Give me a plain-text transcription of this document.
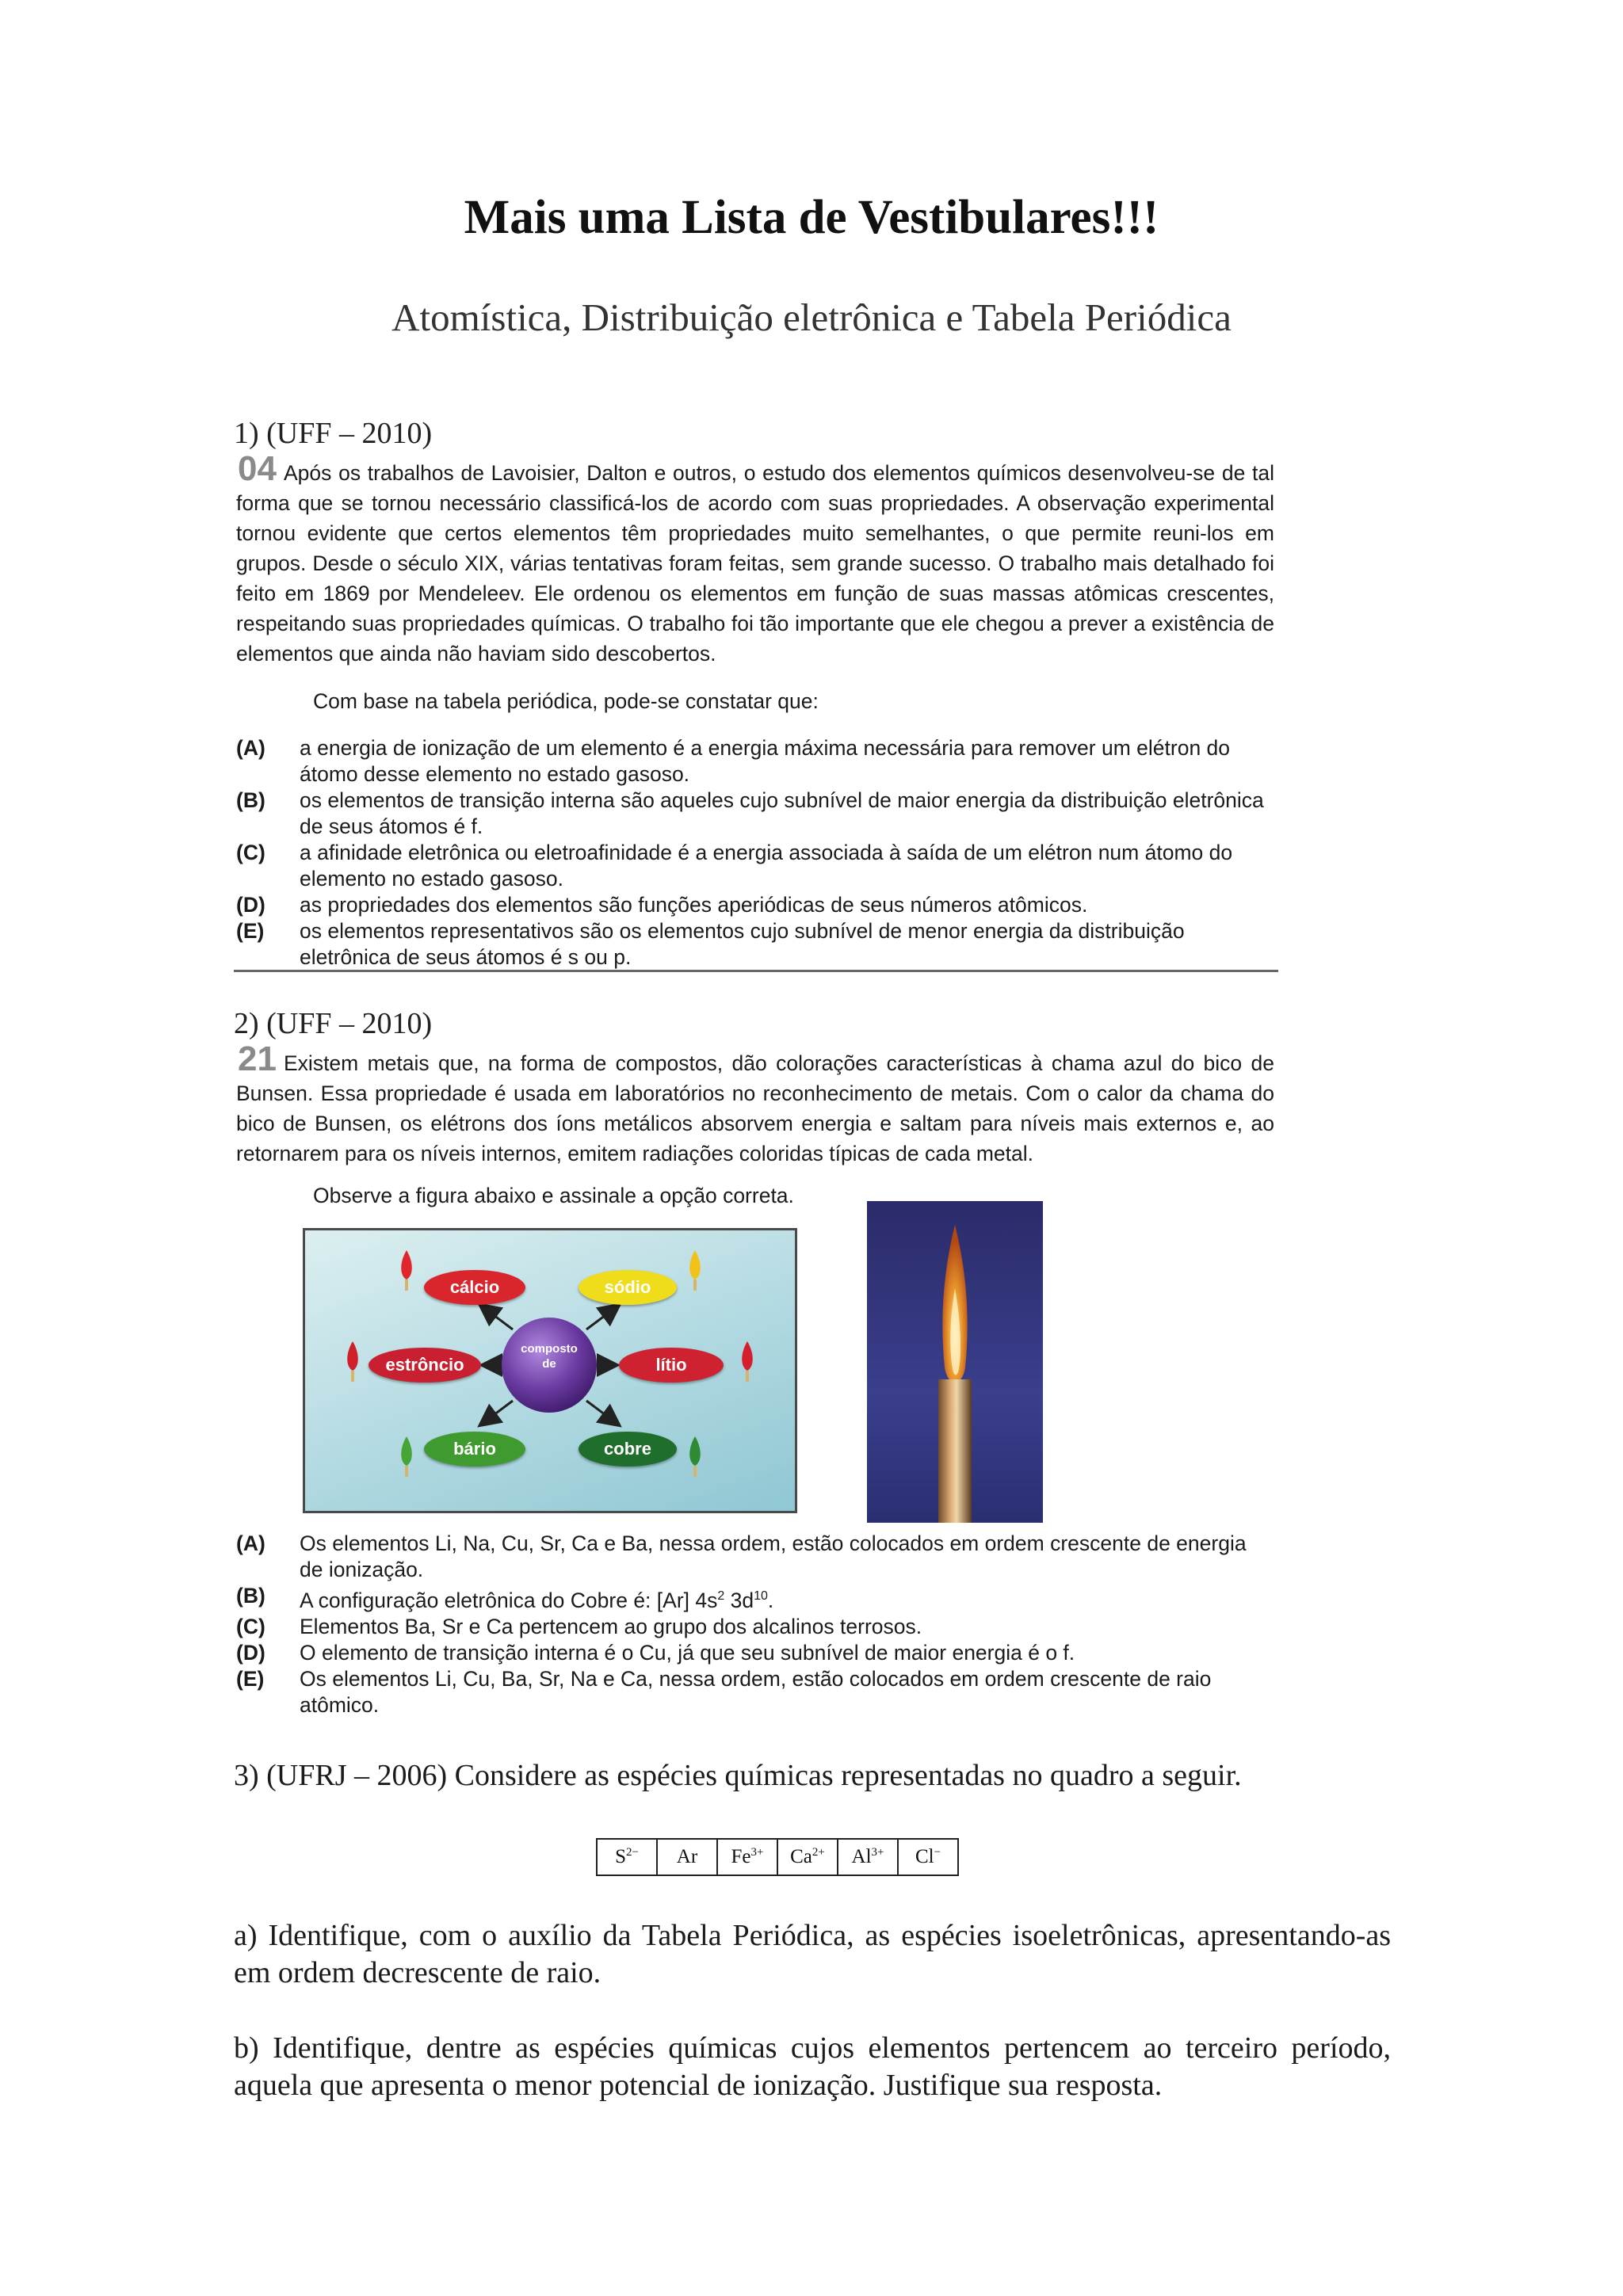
Mais uma Lista de Vestibulares!!!
Atomística, Distribuição eletrônica e Tabela Periódica
1) (UFF – 2010)
04 Após os trabalhos de Lavoisier, Dalton e outros, o estudo dos elementos químicos desenvolveu-se de tal forma que se tornou necessário classificá-los de acordo com suas propriedades. A observação experimental tornou evidente que certos elementos têm propriedades muito semelhantes, o que permite reuni-los em grupos. Desde o século XIX, várias tentativas foram feitas, sem grande sucesso. O trabalho mais detalhado foi feito em 1869 por Mendeleev. Ele ordenou os elementos em função de suas massas atômicas crescentes, respeitando suas propriedades químicas. O trabalho foi tão importante que ele chegou a prever a existência de elementos que ainda não haviam sido descobertos.
Com base na tabela periódica, pode-se constatar que:
(A)	a energia de ionização de um elemento é a energia máxima necessária para remover um elétron do átomo desse elemento no estado gasoso.
(B)	os elementos de transição interna são aqueles cujo subnível de maior energia da distribuição eletrônica de seus átomos é f.
(C)	a afinidade eletrônica ou eletroafinidade é a energia associada à saída de um elétron num átomo do elemento no estado gasoso.
(D)	as propriedades dos elementos são funções aperiódicas de seus números atômicos.
(E)	os elementos representativos são os elementos cujo subnível de menor energia da distribuição eletrônica de seus átomos é s ou p.
2) (UFF – 2010)
21 Existem metais que, na forma de compostos, dão colorações características à chama azul do bico de Bunsen. Essa propriedade é usada em laboratórios no reconhecimento de metais. Com o calor da chama do bico de Bunsen, os elétrons dos íons metálicos absorvem energia e saltam para níveis mais externos e, ao retornarem para os níveis internos, emitem radiações coloridas típicas de cada metal.
Observe a figura abaixo e assinale a opção correta.
composto
de
cálcio	sódio
estrôncio	lítio
bário	cobre
(A)	Os elementos Li, Na, Cu, Sr, Ca e Ba, nessa ordem, estão colocados em ordem crescente de energia de ionização.
(B)	A configuração eletrônica do Cobre é: [Ar] $4s^2$ $3d^{10}$.
(C)	Elementos Ba, Sr e Ca pertencem ao grupo dos alcalinos terrosos.
(D)	O elemento de transição interna é o Cu, já que seu subnível de maior energia é o f.
(E)	Os elementos Li, Cu, Ba, Sr, Na e Ca, nessa ordem, estão colocados em ordem crescente de raio atômico.
3) (UFRJ – 2006) Considere as espécies químicas representadas no quadro a seguir.
$S^{2-}$	Ar	$Fe^{3+}$	$Ca^{2+}$	$Al^{3+}$	Cl−
a) Identifique, com o auxílio da Tabela Periódica, as espécies isoeletrônicas, apresentando-as em ordem decrescente de raio.
b) Identifique, dentre as espécies químicas cujos elementos pertencem ao terceiro período, aquela que apresenta o menor potencial de ionização. Justifique sua resposta.
